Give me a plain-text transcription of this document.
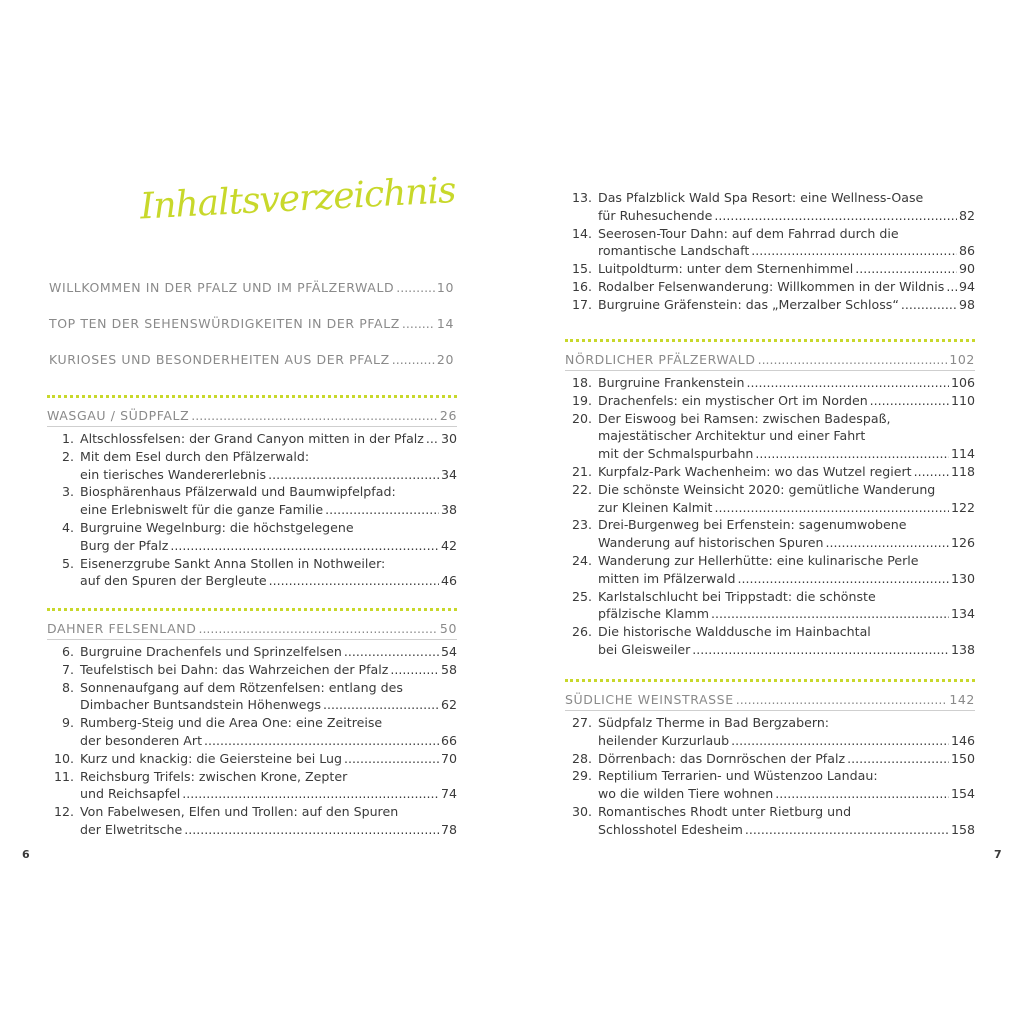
Inhaltsverzeichnis
WILLKOMMEN IN DER PFALZ UND IM PFÄLZERWALD .....	10
TOP TEN DER SEHENSWÜRDIGKEITEN IN DER PFALZ .....	14
KURIOSES UND BESONDERHEITEN AUS DER PFALZ .....	20
WASGAU / SÜDPFALZ .....	26
1. Altschlossfelsen: der Grand Canyon mitten in der Pfalz ..... 30
2. Mit dem Esel durch den Pfälzerwald:
ein tierisches Wandererlebnis .....	34
3. Biosphärenhaus Pfälzerwald und Baumwipfelpfad:
eine Erlebniswelt für die ganze Familie .....	38
4. Burgruine Wegelnburg: die höchstgelegene
Burg der Pfalz .....	42
5. Eisenerzgrube Sankt Anna Stollen in Nothweiler:
auf den Spuren der Bergleute .....	46
DAHNER FELSENLAND .....	50
6. Burgruine Drachenfels und Sprinzelfelsen .....	54
7. Teufelstisch bei Dahn: das Wahrzeichen der Pfalz .....	58
8. Sonnenaufgang auf dem Rötzenfelsen: entlang des
Dimbacher Buntsandstein Höhenwegs .....	62
9. Rumberg-Steig und die Area One: eine Zeitreise
der besonderen Art .....	66
10. Kurz und knackig: die Geiersteine bei Lug .....	70
11. Reichsburg Trifels: zwischen Krone, Zepter
und Reichsapfel .....	74
12. Von Fabelwesen, Elfen und Trollen: auf den Spuren
der Elwetritsche .....	78
6
13. Das Pfalzblick Wald Spa Resort: eine Wellness-Oase
für Ruhesuchende .....	82
14. Seerosen-Tour Dahn: auf dem Fahrrad durch die
romantische Landschaft .....	86
15. Luitpoldturm: unter dem Sternenhimmel .....	90
16. Rodalber Felsenwanderung: Willkommen in der Wildnis ..... 94
17. Burgruine Gräfenstein: das „Merzalber Schloss“ .....	98
NÖRDLICHER PFÄLZERWALD .....	102
18. Burgruine Frankenstein .....	106
19. Drachenfels: ein mystischer Ort im Norden .....	110
20. Der Eiswoog bei Ramsen: zwischen Badespaß,
majestätischer Architektur und einer Fahrt
mit der Schmalspurbahn .....	114
21. Kurpfalz-Park Wachenheim: wo das Wutzel regiert .....	118
22. Die schönste Weinsicht 2020: gemütliche Wanderung
zur Kleinen Kalmit .....	122
23. Drei-Burgenweg bei Erfenstein: sagenumwobene
Wanderung auf historischen Spuren .....	126
24. Wanderung zur Hellerhütte: eine kulinarische Perle
mitten im Pfälzerwald .....	130
25. Karlstalschlucht bei Trippstadt: die schönste
pfälzische Klamm .....	134
26. Die historische Walddusche im Hainbachtal
bei Gleisweiler .....	138
SÜDLICHE WEINSTRASSE .....	142
27. Südpfalz Therme in Bad Bergzabern:
heilender Kurzurlaub .....	146
28. Dörrenbach: das Dornröschen der Pfalz .....	150
29. Reptilium Terrarien- und Wüstenzoo Landau:
wo die wilden Tiere wohnen .....	154
30. Romantisches Rhodt unter Rietburg und
Schlosshotel Edesheim .....	158
7
